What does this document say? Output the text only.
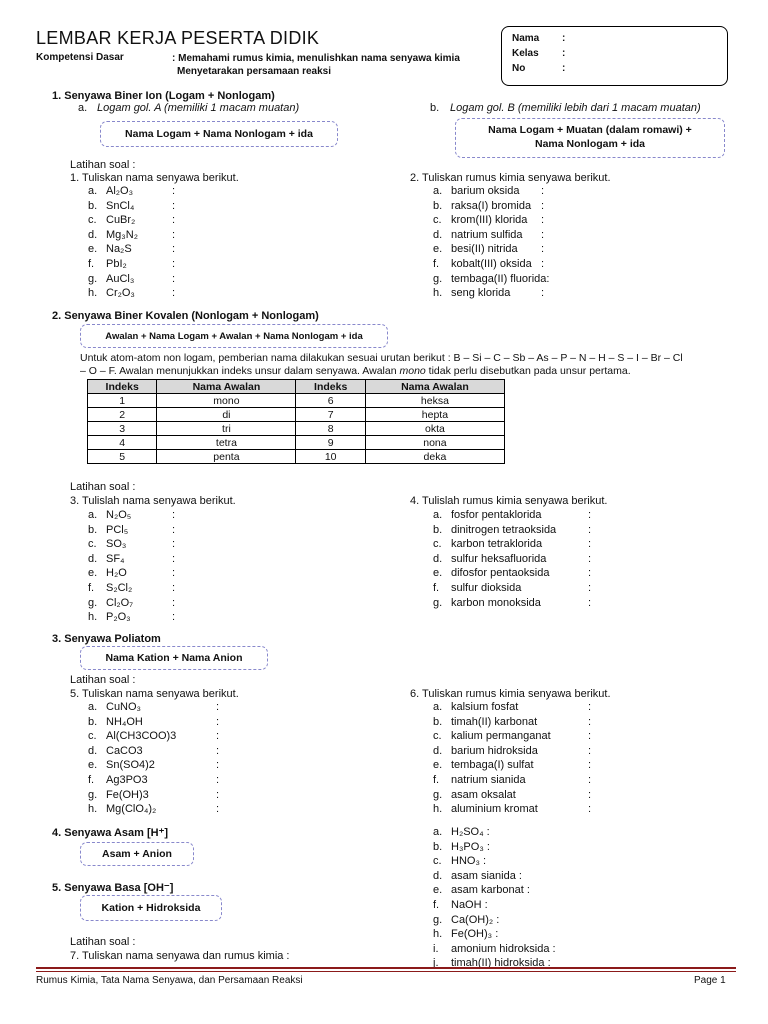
LEMBAR KERJA PESERTA DIDIK
Kompetensi Dasar	: Memahami rumus kimia, menulishkan nama senyawa kimia
Menyetarakan persamaan reaksi
Nama :
Kelas :
No	:
1. Senyawa Biner Ion (Logam + Nonlogam)
a. Logam gol. A (memiliki 1 macam muatan)	b. Logam gol. B (memiliki lebih dari 1 macam muatan)
Nama Logam + Nama Nonlogam + ida	Nama Logam + Muatan (dalam romawi) +
Nama Nonlogam + ida
Latihan soal :
1. Tuliskan nama senyawa berikut.	2. Tuliskan rumus kimia senyawa berikut.
a. Al₂O₃	:
b. SnCl₄	:
c. CuBr₂	:
d. Mg₃N₂	:
e. Na₂S	:
f. PbI₂	:
g. AuCl₃	:
h. Cr₂O₃	:
a. barium oksida :
b. raksa(I) bromida :
c. krom(III) klorida :
d. natrium sulfida :
e. besi(II) nitrida :
f. kobalt(III) oksida :
g. tembaga(II) fluorida:
h. seng klorida	:
2. Senyawa Biner Kovalen (Nonlogam + Nonlogam)
Awalan + Nama Logam + Awalan + Nama Nonlogam + ida
Untuk atom-atom non logam, pemberian nama dilakukan sesuai urutan berikut : B – Si – C – Sb – As – P – N – H – S – I – Br – Cl
– O – F. Awalan menunjukkan indeks unsur dalam senyawa. Awalan mono tidak perlu disebutkan pada unsur pertama.
Indeks	Nama Awalan	Indeks	Nama Awalan
1	mono	6	heksa
2	di	7	hepta
3	tri	8	okta
4	tetra	9	nona
5	penta	10	deka
Latihan soal :
3. Tulislah nama senyawa berikut.	4. Tulislah rumus kimia senyawa berikut.
a. N₂O₅	:
b. PCl₅	:
c. SO₃	:
d. SF₄	:
e. H₂O	:
f. S₂Cl₂	:
g. Cl₂O₇	:
h. P₂O₃	:
a. fosfor pentaklorida	:
b. dinitrogen tetraoksida	:
c. karbon tetraklorida	:
d. sulfur heksafluorida	:
e. difosfor pentaoksida	:
f. sulfur dioksida	:
g. karbon monoksida	:
3. Senyawa Poliatom
Nama Kation + Nama Anion
Latihan soal :
5. Tuliskan nama senyawa berikut.	6. Tuliskan rumus kimia senyawa berikut.
a. CuNO₃	:
b. NH₄OH	:
c. Al(CH3COO)3	:
d. CaCO3	:
e. Sn(SO4)2	:
f. Ag3PO3	:
g. Fe(OH)3	:
h. Mg(ClO₄)₂	:
a. kalsium fosfat	:
b. timah(II) karbonat	:
c. kalium permanganat	:
d. barium hidroksida	:
e. tembaga(I) sulfat	:
f. natrium sianida	:
g. asam oksalat	:
h. aluminium kromat	:
4. Senyawa Asam [H⁺]
Asam + Anion
5. Senyawa Basa [OH⁻]
Kation + Hidroksida
Latihan soal :
7. Tuliskan nama senyawa dan rumus kimia :
a. H₂SO₄ :
b. H₃PO₃ :
c. HNO₃ :
d. asam sianida :
e. asam karbonat :
f. NaOH :
g. Ca(OH)₂ :
h. Fe(OH)₃ :
i. amonium hidroksida :
j. timah(II) hidroksida :
Rumus Kimia, Tata Nama Senyawa, dan Persamaan Reaksi	Page 1
